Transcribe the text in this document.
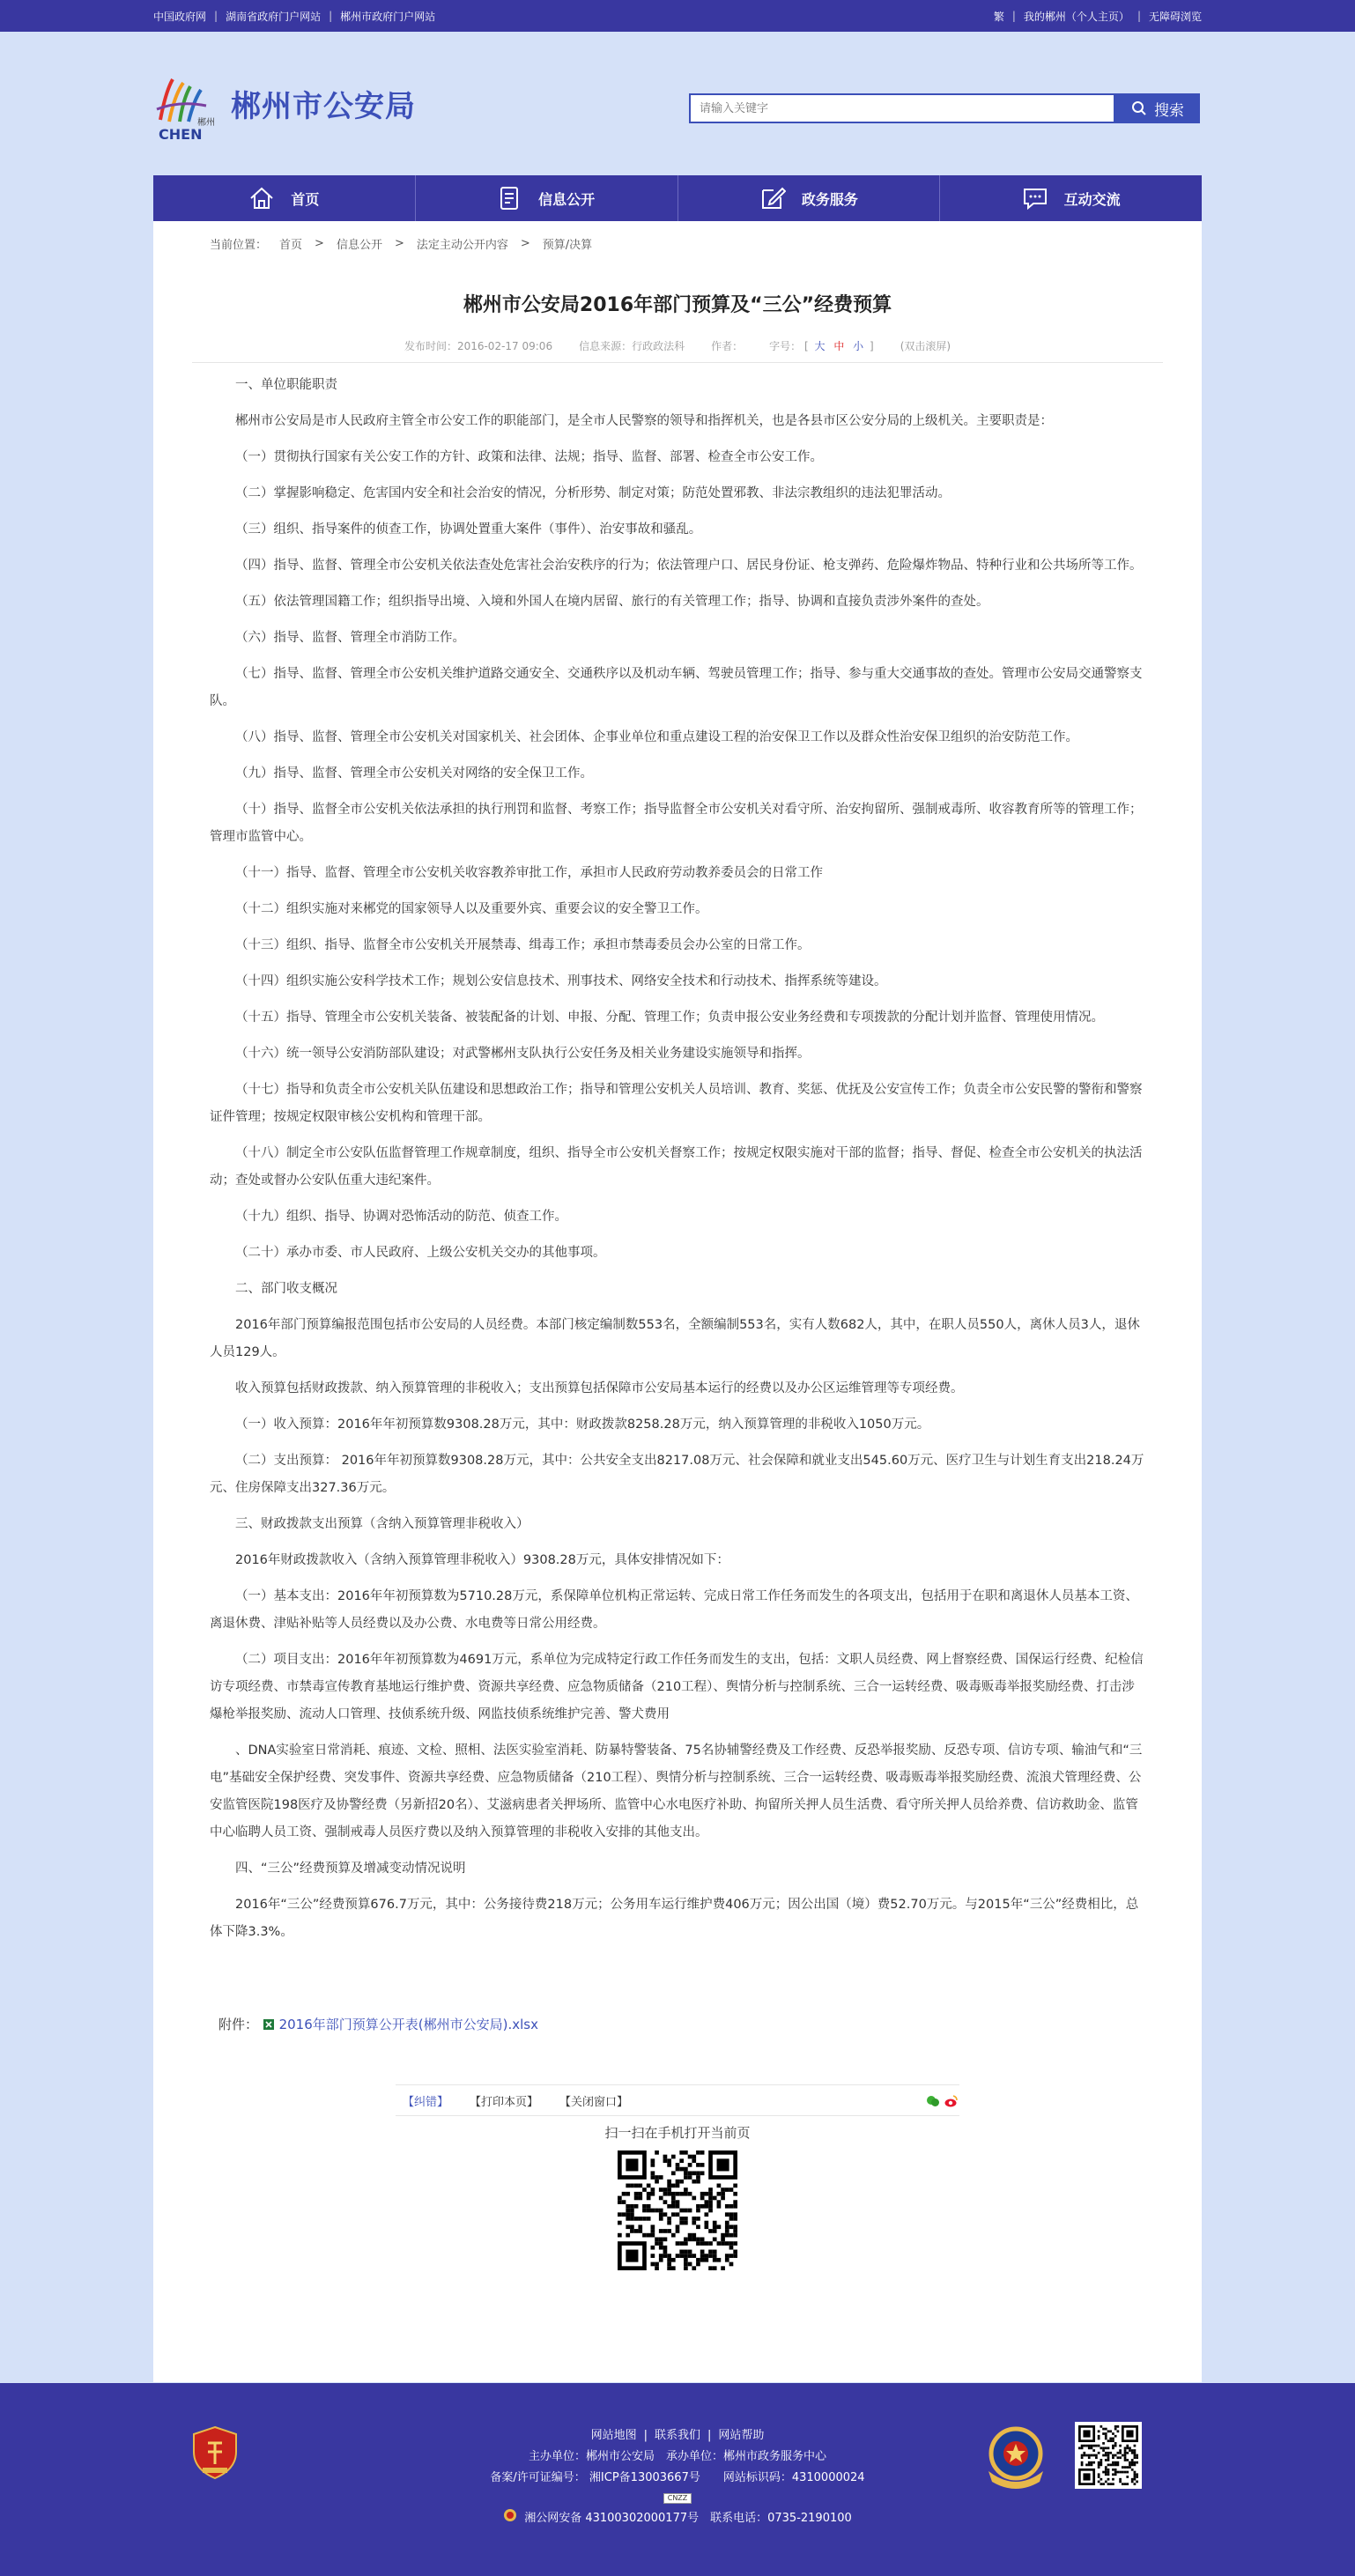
中国政府网 | 湖南省政府门户网站 | 郴州市政府门户网站	繁 | 我的郴州（个人主页） | 无障碍浏览
郴州
CHEN
郴州市公安局
请输入关键字	搜索
首页	信息公开	政务服务	互动交流
当前位置： 首页 > 信息公开 > 法定主动公开内容 > 预算/决算
郴州市公安局2016年部门预算及“三公”经费预算
发布时间：2016-02-17 09:06	信息来源：行政政法科	作者：	字号： [ 大 中 小 ]	(双击滚屏)

一、单位职能职责

郴州市公安局是市人民政府主管全市公安工作的职能部门，是全市人民警察的领导和指挥机关，也是各县市区公安分局的上级机关。主要职责是：

（一）贯彻执行国家有关公安工作的方针、政策和法律、法规；指导、监督、部署、检查全市公安工作。

（二）掌握影响稳定、危害国内安全和社会治安的情况，分析形势、制定对策；防范处置邪教、非法宗教组织的违法犯罪活动。

（三）组织、指导案件的侦查工作，协调处置重大案件（事件）、治安事故和骚乱。

（四）指导、监督、管理全市公安机关依法查处危害社会治安秩序的行为；依法管理户口、居民身份证、枪支弹药、危险爆炸物品、特种行业和公共场所等工作。

（五）依法管理国籍工作；组织指导出境、入境和外国人在境内居留、旅行的有关管理工作；指导、协调和直接负责涉外案件的查处。

（六）指导、监督、管理全市消防工作。

（七）指导、监督、管理全市公安机关维护道路交通安全、交通秩序以及机动车辆、驾驶员管理工作；指导、参与重大交通事故的查处。管理市公安局交通警察支队。

（八）指导、监督、管理全市公安机关对国家机关、社会团体、企事业单位和重点建设工程的治安保卫工作以及群众性治安保卫组织的治安防范工作。

（九）指导、监督、管理全市公安机关对网络的安全保卫工作。

（十）指导、监督全市公安机关依法承担的执行刑罚和监督、考察工作；指导监督全市公安机关对看守所、治安拘留所、强制戒毒所、收容教育所等的管理工作；管理市监管中心。

（十一）指导、监督、管理全市公安机关收容教养审批工作，承担市人民政府劳动教养委员会的日常工作

（十二）组织实施对来郴党的国家领导人以及重要外宾、重要会议的安全警卫工作。

（十三）组织、指导、监督全市公安机关开展禁毒、缉毒工作；承担市禁毒委员会办公室的日常工作。

（十四）组织实施公安科学技术工作；规划公安信息技术、刑事技术、网络安全技术和行动技术、指挥系统等建设。

（十五）指导、管理全市公安机关装备、被装配备的计划、申报、分配、管理工作；负责申报公安业务经费和专项拨款的分配计划并监督、管理使用情况。

（十六）统一领导公安消防部队建设；对武警郴州支队执行公安任务及相关业务建设实施领导和指挥。

（十七）指导和负责全市公安机关队伍建设和思想政治工作；指导和管理公安机关人员培训、教育、奖惩、优抚及公安宣传工作；负责全市公安民警的警衔和警察证件管理；按规定权限审核公安机构和管理干部。

（十八）制定全市公安队伍监督管理工作规章制度，组织、指导全市公安机关督察工作；按规定权限实施对干部的监督；指导、督促、检查全市公安机关的执法活动；查处或督办公安队伍重大违纪案件。

（十九）组织、指导、协调对恐怖活动的防范、侦查工作。

（二十）承办市委、市人民政府、上级公安机关交办的其他事项。

二、部门收支概况

2016年部门预算编报范围包括市公安局的人员经费。本部门核定编制数553名，全额编制553名，实有人数682人，其中，在职人员550人，离休人员3人，退休人员129人。

收入预算包括财政拨款、纳入预算管理的非税收入；支出预算包括保障市公安局基本运行的经费以及办公区运维管理等专项经费。

（一）收入预算：2016年年初预算数9308.28万元，其中：财政拨款8258.28万元，纳入预算管理的非税收入1050万元。

（二）支出预算： 2016年年初预算数9308.28万元，其中：公共安全支出8217.08万元、社会保障和就业支出545.60万元、医疗卫生与计划生育支出218.24万元、住房保障支出327.36万元。

三、财政拨款支出预算（含纳入预算管理非税收入）

2016年财政拨款收入（含纳入预算管理非税收入）9308.28万元，具体安排情况如下：

（一）基本支出：2016年年初预算数为5710.28万元，系保障单位机构正常运转、完成日常工作任务而发生的各项支出，包括用于在职和离退休人员基本工资、离退休费、津贴补贴等人员经费以及办公费、水电费等日常公用经费。

（二）项目支出：2016年年初预算数为4691万元，系单位为完成特定行政工作任务而发生的支出，包括：文职人员经费、网上督察经费、国保运行经费、纪检信访专项经费、市禁毒宣传教育基地运行维护费、资源共享经费、应急物质储备（210工程）、舆情分析与控制系统、三合一运转经费、吸毒贩毒举报奖励经费、打击涉爆枪举报奖励、流动人口管理、技侦系统升级、网监技侦系统维护完善、警犬费用

、DNA实验室日常消耗、痕迹、文检、照相、法医实验室消耗、防暴特警装备、75名协辅警经费及工作经费、反恐举报奖励、反恐专项、信访专项、输油气和“三电”基础安全保护经费、突发事件、资源共享经费、应急物质储备（210工程）、舆情分析与控制系统、三合一运转经费、吸毒贩毒举报奖励经费、流浪犬管理经费、公安监管医院198医疗及协警经费（另新招20名）、艾滋病患者关押场所、监管中心水电医疗补助、拘留所关押人员生活费、看守所关押人员给养费、信访救助金、监管中心临聘人员工资、强制戒毒人员医疗费以及纳入预算管理的非税收入安排的其他支出。

四、“三公”经费预算及增减变动情况说明

2016年“三公”经费预算676.7万元，其中：公务接待费218万元；公务用车运行维护费406万元；因公出国（境）费52.70万元。与2015年“三公”经费相比，总体下降3.3%。

附件： 2016年部门预算公开表(郴州市公安局).xlsx
【纠错】 【打印本页】 【关闭窗口】
扫一扫在手机打开当前页
网站地图 | 联系我们 | 网站帮助
主办单位：郴州市公安局　承办单位：郴州市政务服务中心
备案/许可证编号： 湘ICP备13003667号　　网站标识码：4310000024
CNZZ
湘公网安备 43100302000177号　联系电话：0735-2190100
